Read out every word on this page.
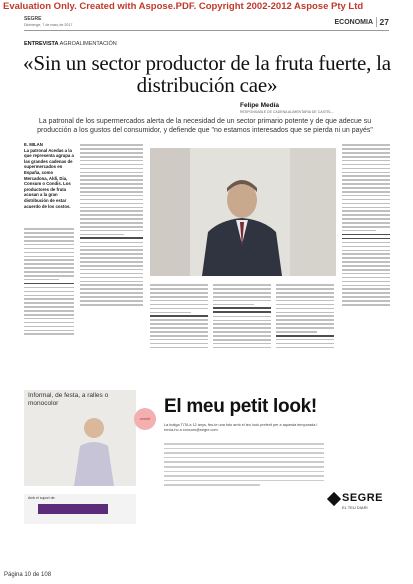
Evaluation Only. Created with Aspose.PDF. Copyright 2002-2012 Aspose Pty Ltd
SEGRE
Diumenge, 7 de març de 2017	ECONOMIA 27
ENTREVISTA AGROALIMENTACIÓN
«Sin un sector productor de la fruta fuerte, la distribución cae»
Felipe Medía
RESPONSABLE DE CADENA ALIMENTARIA DE CASTEL...
La patronal de los supermercados alerta de la necesidad de un sector primario potente y de que adecue su producción a los gustos del consumidor, y defiende que "no estamos interesados que se pierda ni un payés"

E. MILAN

La patronal Acedas a la que representa agrupa a las grandes cadenas de supermercados en España, como Mercadona, Aldi, Dia, Consum o Condis. Los productores de fruta acusan a la gran distribución de estar acuerdo de los costos.

Informal, de festa, a ralles o monocolor
cerclé
El meu petit look!
La botiga TITA a 12 anys, fes-te una foto amb el teu look preferit per a aquesta temporada i envia-ho a concurs@segre.com
Amb el suport de:	SEGRE
EL TEU DIARI
Página 10 de 108
